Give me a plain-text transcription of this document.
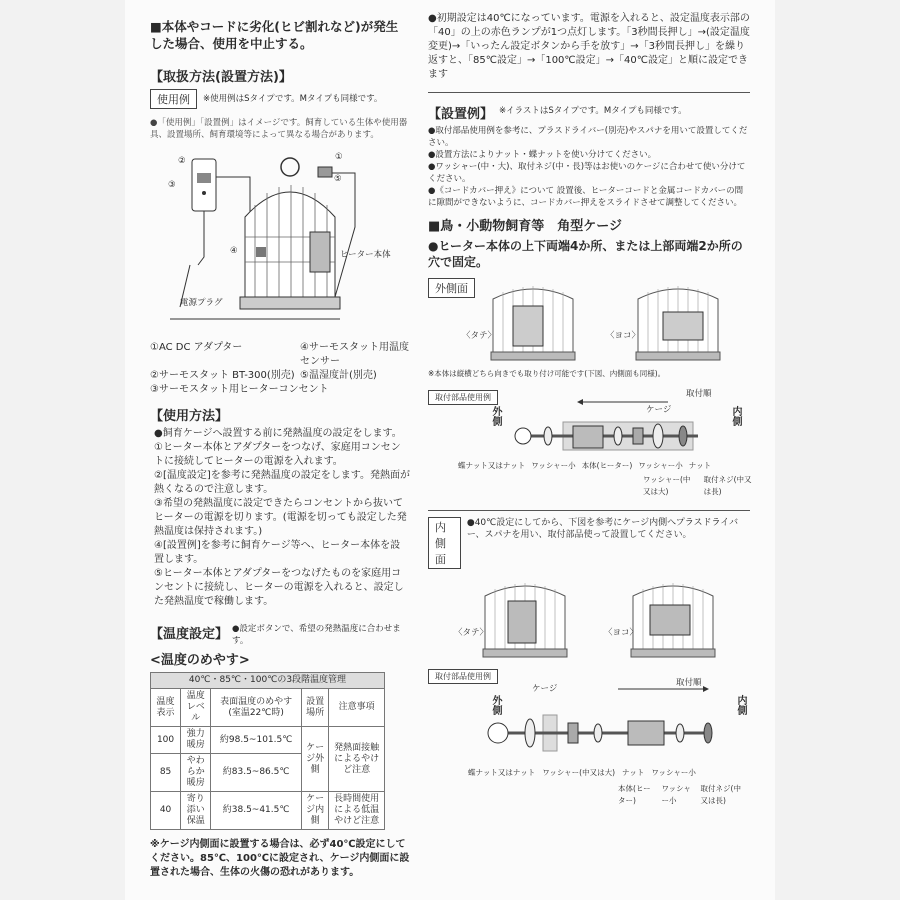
■本体やコードに劣化(ヒビ割れなど)が発生した場合、使用を中止する。
【取扱方法(設置方法)】
使用例	※使用例はSタイプです。Mタイプも同様です。
●「使用例」「設置例」はイメージです。飼育している生体や使用器具、設置場所、飼育環境等によって異なる場合があります。
②
③
①
⑤
④	ヒーター本体
電源プラグ
①AC DC アダプター	④サーモスタット用温度センサー
②サーモスタット BT-300(別売) ⑤温湿度計(別売)
③サーモスタット用ヒーターコンセント
【使用方法】
●飼育ケージへ設置する前に発熱温度の設定をします。
①ヒーター本体とアダプターをつなげ、家庭用コンセントに接続してヒーターの電源を入れます。
②[温度設定]を参考に発熱温度の設定をします。発熱面が熱くなるので注意します。
③希望の発熱温度に設定できたらコンセントから抜いてヒーターの電源を切ります。(電源を切っても設定した発熱温度は保持されます。)
④[設置例]を参考に飼育ケージ等へ、ヒーター本体を設置します。
⑤ヒーター本体とアダプターをつなげたものを家庭用コンセントに接続し、ヒーターの電源を入れると、設定した発熱温度で稼働します。
【温度設定】 ●設定ボタンで、希望の発熱温度に合わせます。
<温度のめやす>
40℃・85℃・100℃の3段階温度管理				
温度表示	温度レベル	表面温度のめやす(室温22℃時)	設置場所	注意事項
100	強力暖房	約98.5~101.5℃	ケージ外側	発熱面接触によるやけど注意
85	やわらか暖房	約83.5~86.5℃		
40	寄り添い保温	約38.5~41.5℃	ケージ内側	長時間使用による低温やけど注意
※ケージ内側面に設置する場合は、必ず40℃設定にしてください。85℃、100℃に設定され、ケージ内側面に設置された場合、生体の火傷の恐れがあります。
●初期設定は40℃になっています。電源を入れると、設定温度表示部の「40」の上の赤色ランプが1つ点灯します。「3秒間長押し」→(設定温度変更)→「いったん設定ボタンから手を放す」→「3秒間長押し」を繰り返すと、「85℃設定」→「100℃設定」→「40℃設定」と順に設定できます
【設置例】 ※イラストはSタイプです。Mタイプも同様です。
●取付部品使用例を参考に、プラスドライバー(別売)やスパナを用いて設置してください。
●設置方法によりナット・蝶ナットを使い分けてください。
●ワッシャー(中・大)、取付ネジ(中・長)等はお使いのケージに合わせて使い分けてください。
●《コードカバー押え》について 設置後、ヒーターコードと金属コードカバーの間に隙間ができないように、コードカバー押えをスライドさせて調整してください。
■鳥・小動物飼育等　角型ケージ
●ヒーター本体の上下両端4か所、または上部両端2か所の穴で固定。
外側面
〈タテ〉	〈ヨコ〉
※本体は縦横どちら向きでも取り付け可能です(下図、内側面も同様)。
取付部品使用例	取付順
外側	内側
ケージ
蝶ナット又はナット ワッシャー小 本体(ヒーター) ワッシャー小 ナット
ワッシャー(中又は大)
取付ネジ(中又は長)
内側面
●40℃設定にしてから、下図を参考にケージ内側へプラスドライバー、スパナを用い、取付部品使って設置してください。
〈タテ〉	〈ヨコ〉
取付部品使用例
取付順
ケージ
外側	内側
蝶ナット又はナット ワッシャー(中又は大) ナット ワッシャー小
本体(ヒーター)
ワッシャー小
取付ネジ(中又は長)
